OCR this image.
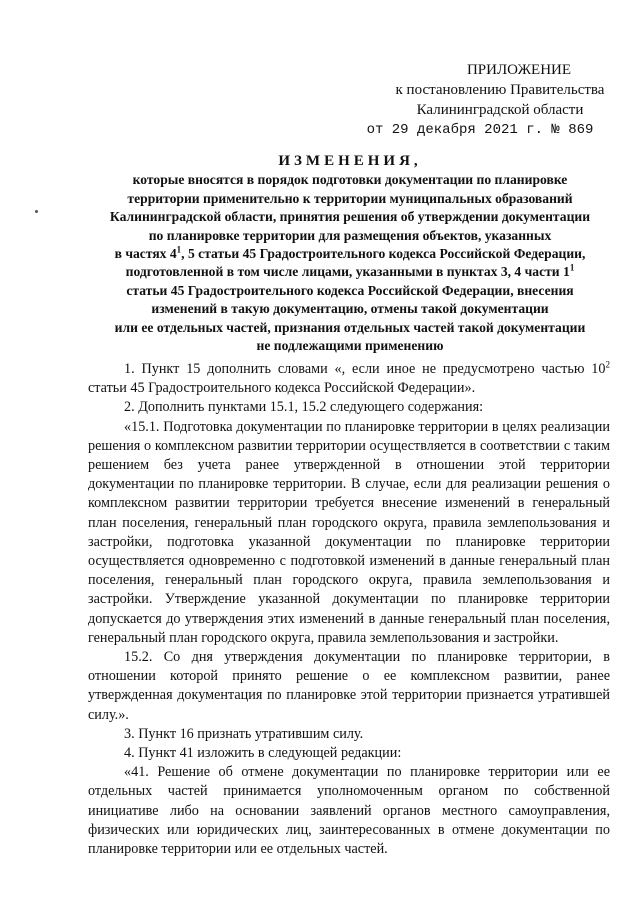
ПРИЛОЖЕНИЕ
к постановлению Правительства
Калининградской области
от 29 декабря 2021 г. № 869
ИЗМЕНЕНИЯ,
которые вносятся в порядок подготовки документации по планировке
территории применительно к территории муниципальных образований
Калининградской области, принятия решения об утверждении документации
по планировке территории для размещения объектов, указанных
в частях $4^1$, 5 статьи 45 Градостроительного кодекса Российской Федерации,
подготовленной в том числе лицами, указанными в пунктах 3, 4 части $1^1$
статьи 45 Градостроительного кодекса Российской Федерации, внесения
изменений в такую документацию, отмены такой документации
или ее отдельных частей, признания отдельных частей такой документации
не подлежащими применению

1. Пункт 15 дополнить словами «, если иное не предусмотрено частью $10^2$ статьи 45 Градостроительного кодекса Российской Федерации».

2. Дополнить пунктами 15.1, 15.2 следующего содержания:

«15.1. Подготовка документации по планировке территории в целях реализации решения о комплексном развитии территории осуществляется в соответствии с таким решением без учета ранее утвержденной в отношении этой территории документации по планировке территории. В случае, если для реализации решения о комплексном развитии территории требуется внесение изменений в генеральный план поселения, генеральный план городского округа, правила землепользования и застройки, подготовка указанной документации по планировке территории осуществляется одновременно с подготовкой изменений в данные генеральный план поселения, генеральный план городского округа, правила землепользования и застройки. Утверждение указанной документации по планировке территории допускается до утверждения этих изменений в данные генеральный план поселения, генеральный план городского округа, правила землепользования и застройки.

15.2. Со дня утверждения документации по планировке территории, в отношении которой принято решение о ее комплексном развитии, ранее утвержденная документация по планировке этой территории признается утратившей силу.».

3. Пункт 16 признать утратившим силу.

4. Пункт 41 изложить в следующей редакции:

«41. Решение об отмене документации по планировке территории или ее отдельных частей принимается уполномоченным органом по собственной инициативе либо на основании заявлений органов местного самоуправления, физических или юридических лиц, заинтересованных в отмене документации по планировке территории или ее отдельных частей.
